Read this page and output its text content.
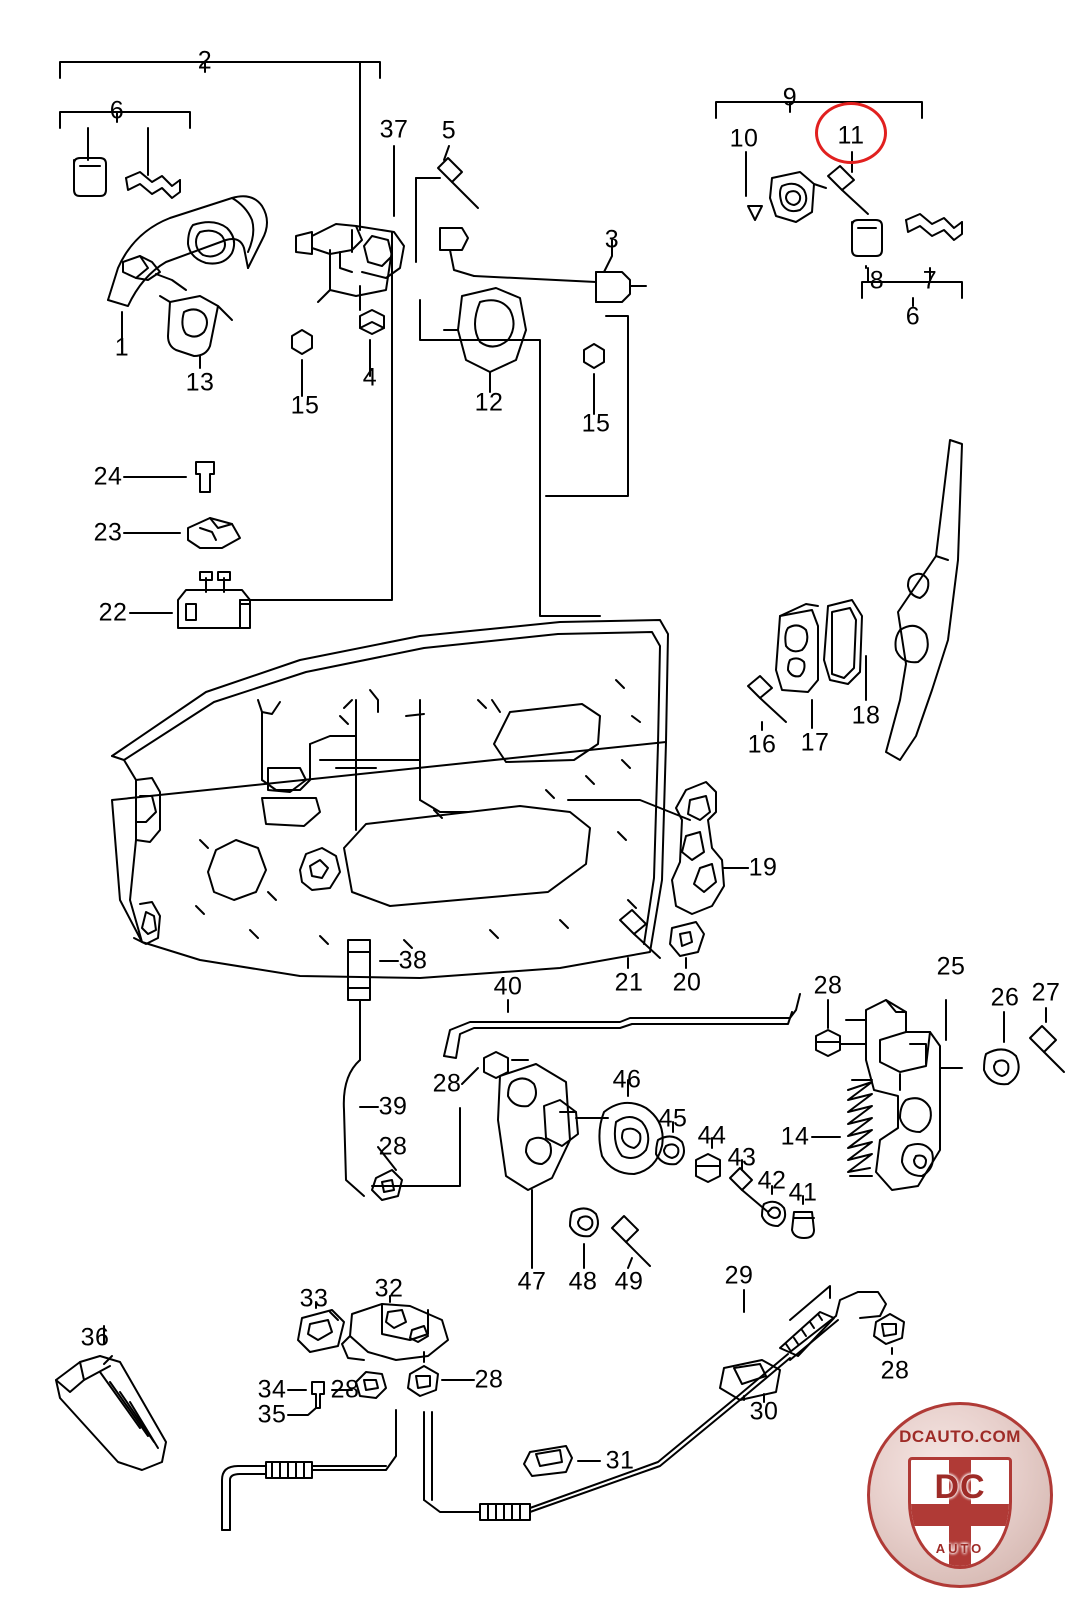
2
6
37 5
9
10	11
3
8 7
6
1
13
15
4
12
15
24
23
22
16 17
18
19
21 20
38
40	28
25
26 27
28	46
45
44
43
14
42 41
39
28
47 48 49	29
28
30
32
33
36
34 28	28
35
31
DCAUTO.COM
DC
AUTO
